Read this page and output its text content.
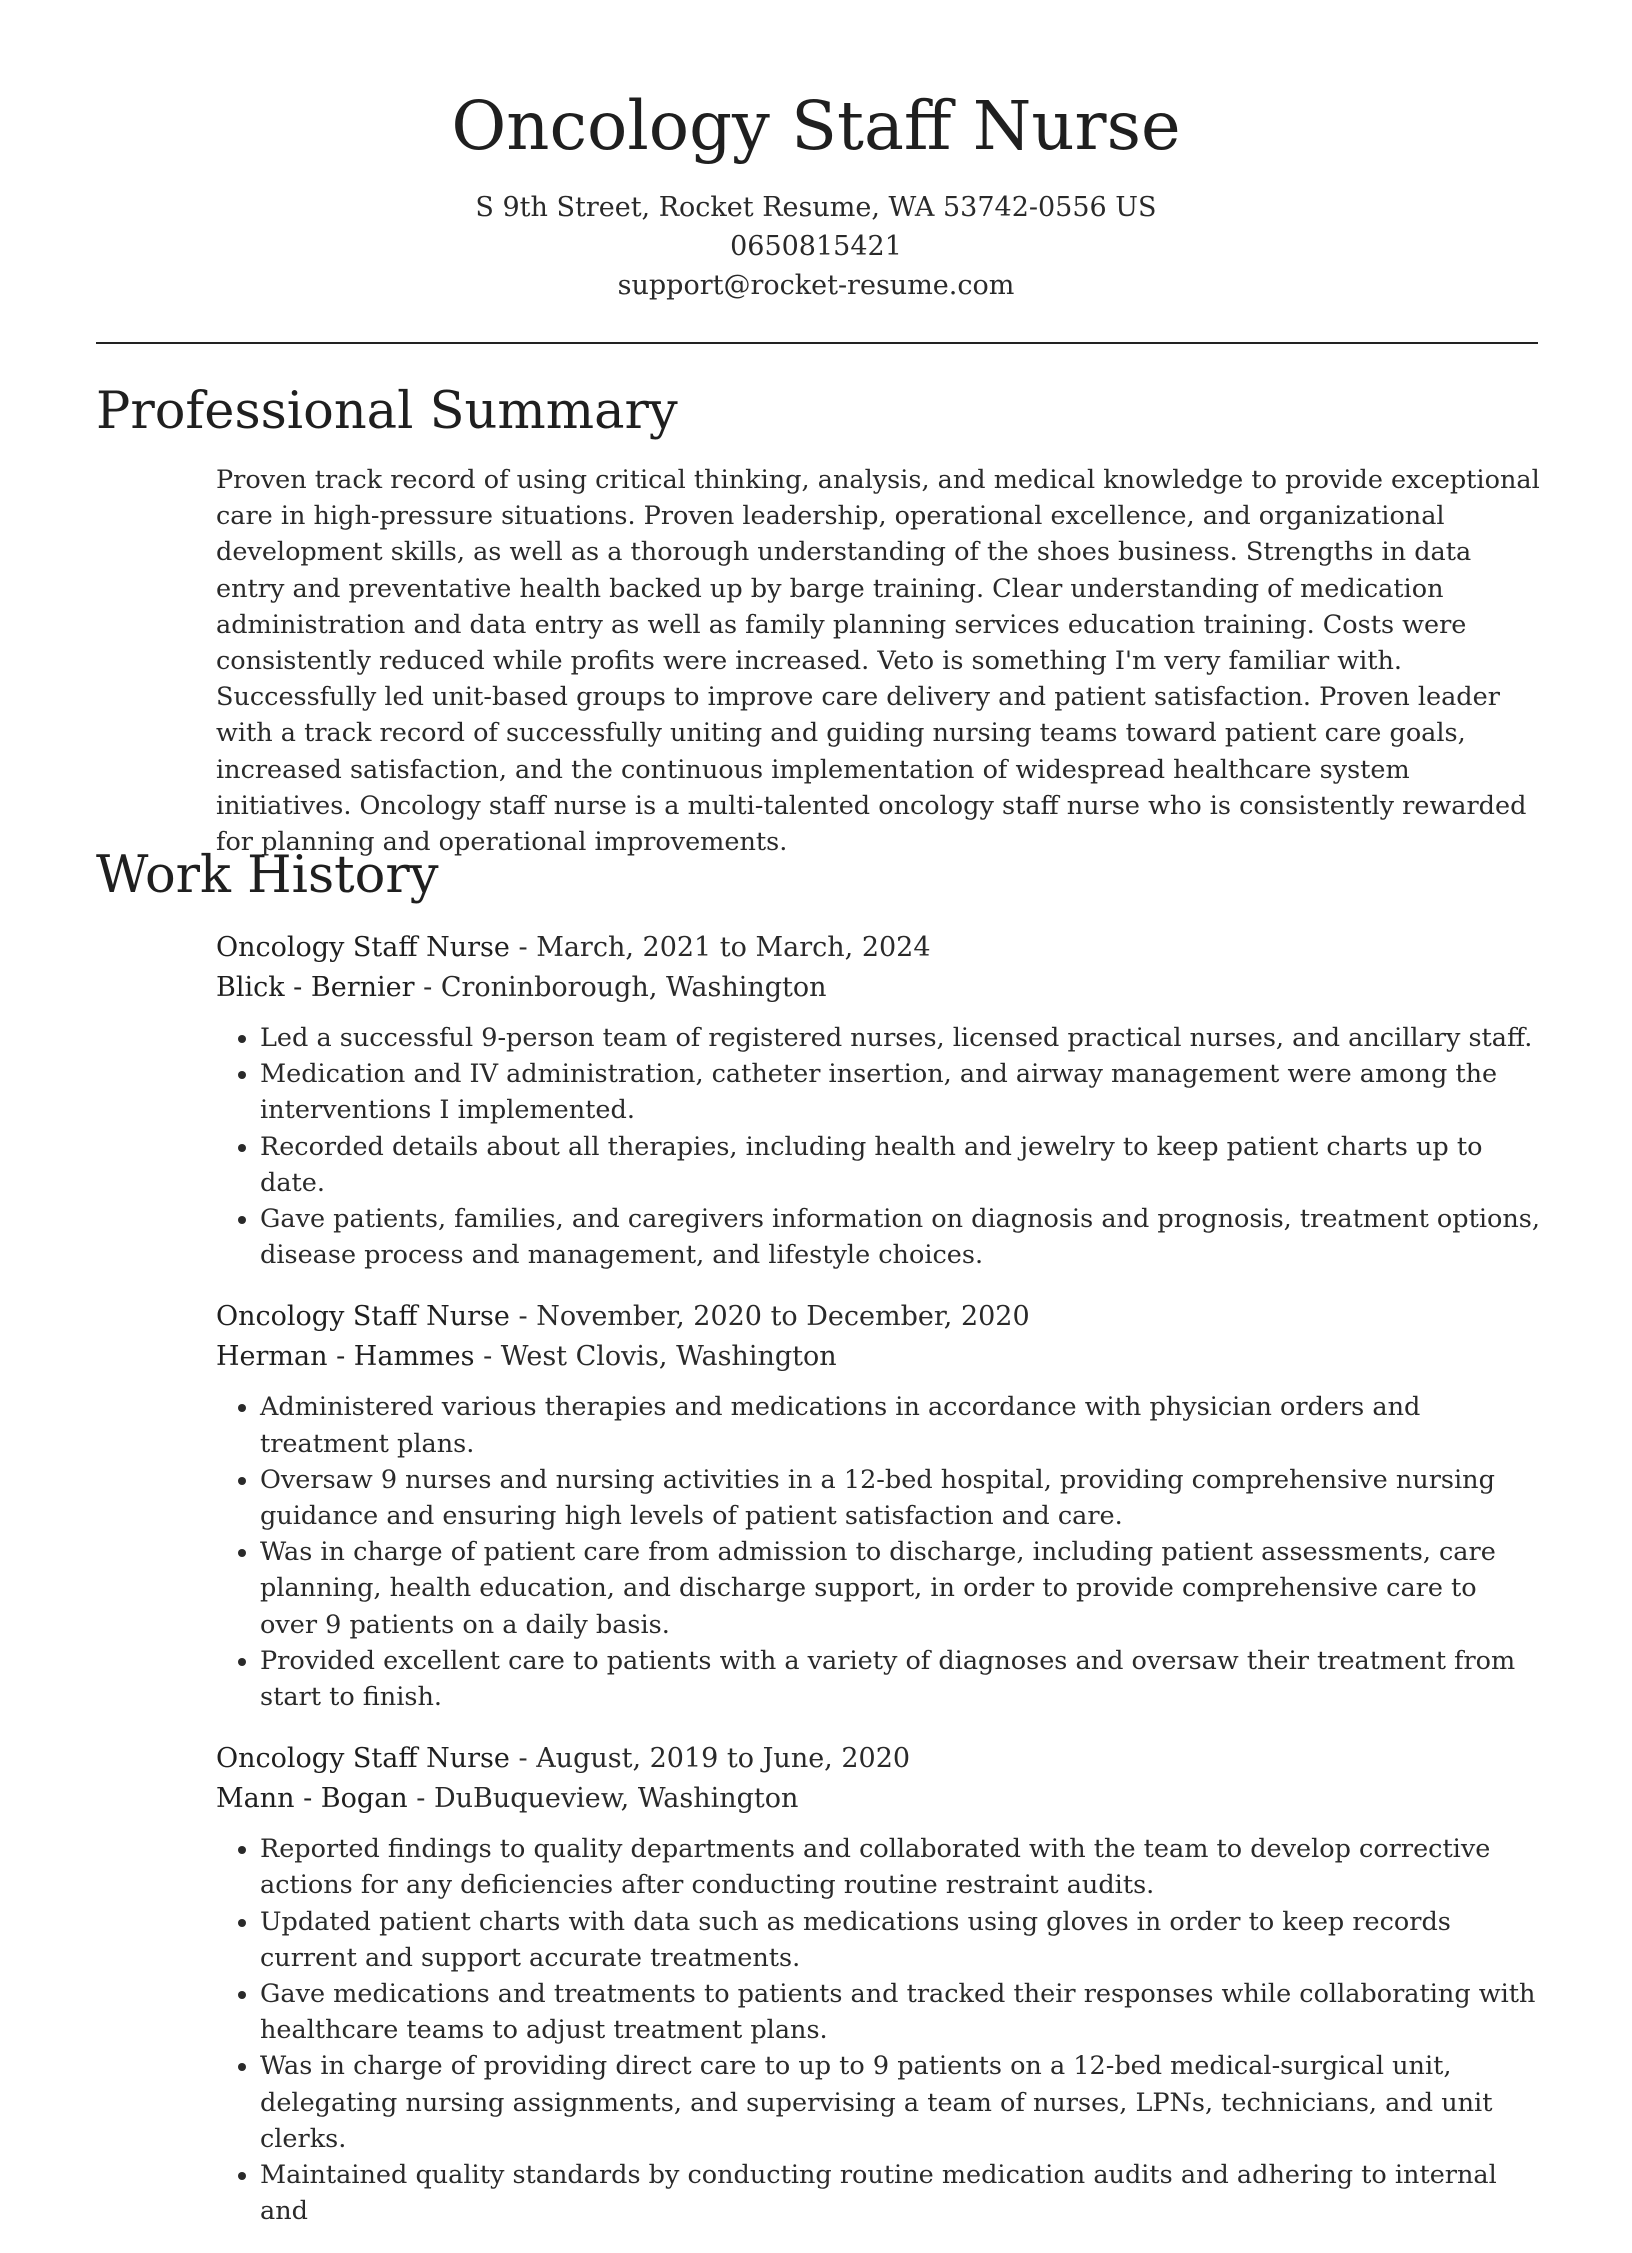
Oncology Staff Nurse
S 9th Street, Rocket Resume, WA 53742-0556 US
0650815421
support@rocket-resume.com
Professional Summary

Proven track record of using critical thinking, analysis, and medical knowledge to provide exceptional care in high-pressure situations. Proven leadership, operational excellence, and organizational development skills, as well as a thorough understanding of the shoes business. Strengths in data entry and preventative health backed up by barge training. Clear understanding of medication administration and data entry as well as family planning services education training. Costs were consistently reduced while profits were increased. Veto is something I'm very familiar with. Successfully led unit-based groups to improve care delivery and patient satisfaction. Proven leader with a track record of successfully uniting and guiding nursing teams toward patient care goals, increased satisfaction, and the continuous implementation of widespread healthcare system initiatives. Oncology staff nurse is a multi-talented oncology staff nurse who is consistently rewarded for planning and operational improvements.

Work History
Oncology Staff Nurse - March, 2021 to March, 2024
Blick - Bernier - Croninborough, Washington
• Led a successful 9-person team of registered nurses, licensed practical nurses, and ancillary staff.
• Medication and IV administration, catheter insertion, and airway management were among the interventions I implemented.
• Recorded details about all therapies, including health and jewelry to keep patient charts up to date.
• Gave patients, families, and caregivers information on diagnosis and prognosis, treatment options, disease process and management, and lifestyle choices.
Oncology Staff Nurse - November, 2020 to December, 2020
Herman - Hammes - West Clovis, Washington
• Administered various therapies and medications in accordance with physician orders and treatment plans.
• Oversaw 9 nurses and nursing activities in a 12-bed hospital, providing comprehensive nursing guidance and ensuring high levels of patient satisfaction and care.
• Was in charge of patient care from admission to discharge, including patient assessments, care planning, health education, and discharge support, in order to provide comprehensive care to over 9 patients on a daily basis.
• Provided excellent care to patients with a variety of diagnoses and oversaw their treatment from start to finish.
Oncology Staff Nurse - August, 2019 to June, 2020
Mann - Bogan - DuBuqueview, Washington
• Reported findings to quality departments and collaborated with the team to develop corrective actions for any deficiencies after conducting routine restraint audits.
• Updated patient charts with data such as medications using gloves in order to keep records current and support accurate treatments.
• Gave medications and treatments to patients and tracked their responses while collaborating with healthcare teams to adjust treatment plans.
• Was in charge of providing direct care to up to 9 patients on a 12-bed medical-surgical unit, delegating nursing assignments, and supervising a team of nurses, LPNs, technicians, and unit clerks.
• Maintained quality standards by conducting routine medication audits and adhering to internal and
